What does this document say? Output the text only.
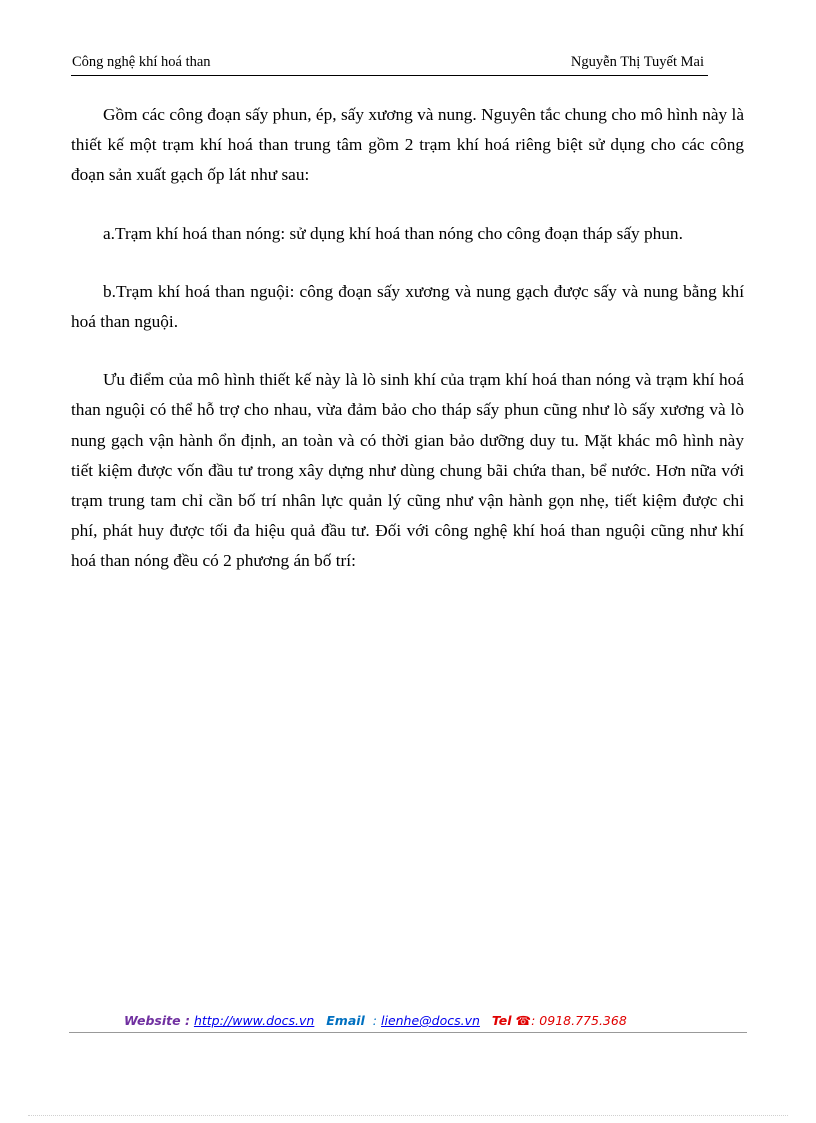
Công nghệ khí hoá than	Nguyễn Thị Tuyết Mai

Gồm các công đoạn sấy phun, ép, sấy xương và nung. Nguyên tắc chung cho mô hình này là thiết kế một trạm khí hoá than trung tâm gồm 2 trạm khí hoá riêng biệt sử dụng cho các công đoạn sản xuất gạch ốp lát như sau:

a.Trạm khí hoá than nóng: sử dụng khí hoá than nóng cho công đoạn tháp sấy phun.

b.Trạm khí hoá than nguội: công đoạn sấy xương và nung gạch được sấy và nung bằng khí hoá than nguội.

Ưu điểm của mô hình thiết kế này là lò sinh khí của trạm khí hoá than nóng và trạm khí hoá than nguội có thể hỗ trợ cho nhau, vừa đảm bảo cho tháp sấy phun cũng như lò sấy xương và lò nung gạch vận hành ổn định, an toàn và có thời gian bảo dưỡng duy tu. Mặt khác mô hình này tiết kiệm được vốn đầu tư trong xây dựng như dùng chung bãi chứa than, bể nước. Hơn nữa với trạm trung tam chỉ cần bố trí nhân lực quản lý cũng như vận hành gọn nhẹ, tiết kiệm được chi phí, phát huy được tối đa hiệu quả đầu tư. Đối với công nghệ khí hoá than nguội cũng như khí hoá than nóng đều có 2 phương án bố trí:

Website : http://www.docs.vn Email : lienhe@docs.vn Tel ☎: 0918.775.368
